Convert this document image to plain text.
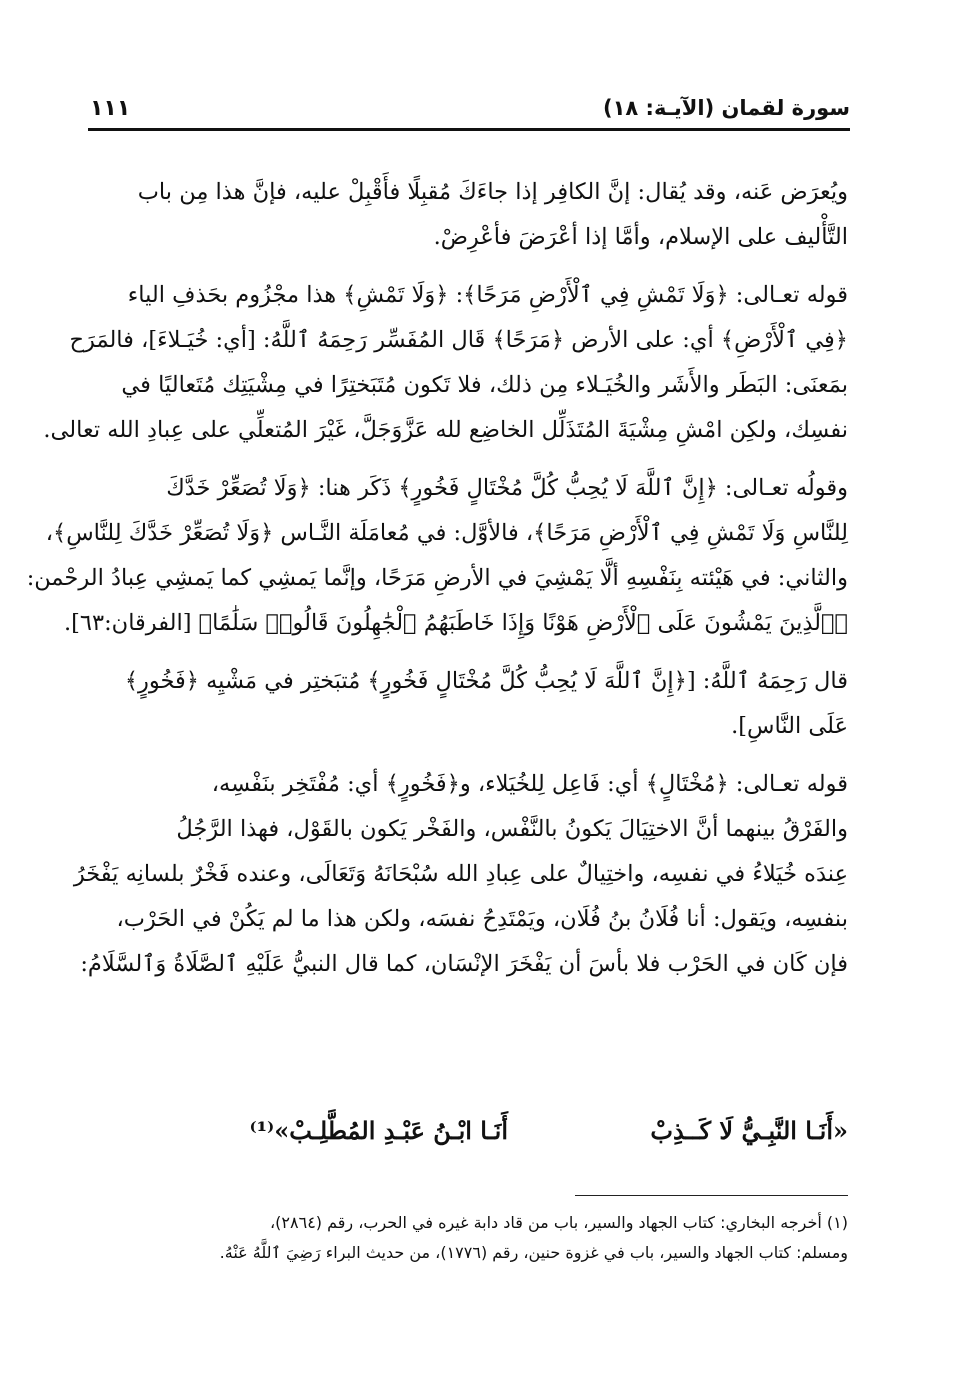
سورة لقمان (الآيـة: ١٨)
١١١

ويُعرَض عَنه، وقد يُقال: إنَّ الكافِر إذا جاءَكَ مُقبِلًا فأَقْبِلْ عليه، فإنَّ هذا مِن باب
التَّأْليف على الإسلام، وأمَّا إذا أعْرَضَ فأعْرِضْ.

قوله تعـالى: ﴿وَلَا تَمْشِ فِي ٱلْأَرْضِ مَرَحًا﴾: ﴿وَلَا تَمْشِ﴾ هذا مجْزُوم بحَذفِ الياء
﴿فِي ٱلْأَرْضِ﴾ أي: على الأرض ﴿مَرَحًا﴾ قَال المُفَسِّر رَحِمَهُ ٱللَّهُ: [أي: خُيَـلاءَ]، فالمَرَح
بمَعنَى: البَطَر والأَشَر والخُيَـلاء مِن ذلك، فلا تَكون مُتَبَختِرًا في مِشْيَتِك مُتَعاليًا في
نفسِك، ولكِن امْشِ مِشْيَةَ المُتَذَلِّل الخاضِع لله عَزَّوَجَلَّ، غَيْرَ المُتعلِّي على عِبادِ الله تعالى.

وقولُه تعـالى: ﴿إِنَّ ٱللَّهَ لَا يُحِبُّ كُلَّ مُخْتَالٍ فَخُورٍ﴾ ذَكَر هنا: ﴿وَلَا تُصَعِّرْ خَدَّكَ
لِلنَّاسِ وَلَا تَمْشِ فِي ٱلْأَرْضِ مَرَحًا﴾، فالأوَّل: في مُعامَلَة النَّـاس ﴿وَلَا تُصَعِّرْ خَدَّكَ لِلنَّاسِ﴾،
والثاني: في هَيْئته بِنَفْسِهِ ألَّا يَمْشِيَ في الأرضِ مَرَحًا، وإنَّما يَمشِي كما يَمشِي عِبادُ الرحْمن:
﴿ٱلَّذِينَ يَمْشُونَ عَلَى ٱلْأَرْضِ هَوْنًا وَإِذَا خَاطَبَهُمُ ٱلْجَٰهِلُونَ قَالُوا۟ سَلَٰمًا﴾ [الفرقان:٦٣].

قال رَحِمَهُ ٱللَّهُ: [﴿إِنَّ ٱللَّهَ لَا يُحِبُّ كُلَّ مُخْتَالٍ فَخُورٍ﴾ مُتبَختِر في مَشْيِه ﴿فَخُورٍ﴾
عَلَى النَّاسِ].

قوله تعـالى: ﴿مُخْتَالٍ﴾ أي: فَاعِل لِلخُيَلاء، و﴿فَخُورٍ﴾ أي: مُفْتَخِر بنَفْسِه،
والفَرْقُ بينهما أنَّ الاختِيَالَ يَكونُ بالنَّفْس، والفَخْر يَكون بالقَوْل، فهذا الرَّجُلُ
عِندَه خُيَلاءُ في نفسِه، واختِيالٌ على عِبادِ الله سُبْحَانَهُ وَتَعَالَى، وعنده فَخْرٌ بلسانِه يَفْخَرُ
بنفسِه، ويَقول: أنا فُلَانُ بنُ فُلَان، ويَمْتَدِحُ نفسَه، ولكن هذا ما لم يَكُنْ في الحَرْب،
فإن كَان في الحَرْب فلا بأسَ أن يَفْخَرَ الإنْسَان، كما قال النبيُّ عَلَيْهِ ٱلصَّلَاةُ وَٱلسَّلَامُ:

«أَنَـا النَّبِـيُّ لَا كَــذِبْ
أَنَـا ابْـنُ عَبْـدِ المُطَّلِـبْ»⁽¹⁾
(١) أخرجه البخاري: كتاب الجهاد والسير، باب من قاد دابة غيره في الحرب، رقم (٢٨٦٤)،
ومسلم: كتاب الجهاد والسير، باب في غزوة حنين، رقم (١٧٧٦)، من حديث البراء رَضِيَ ٱللَّهُ عَنْهُ.
